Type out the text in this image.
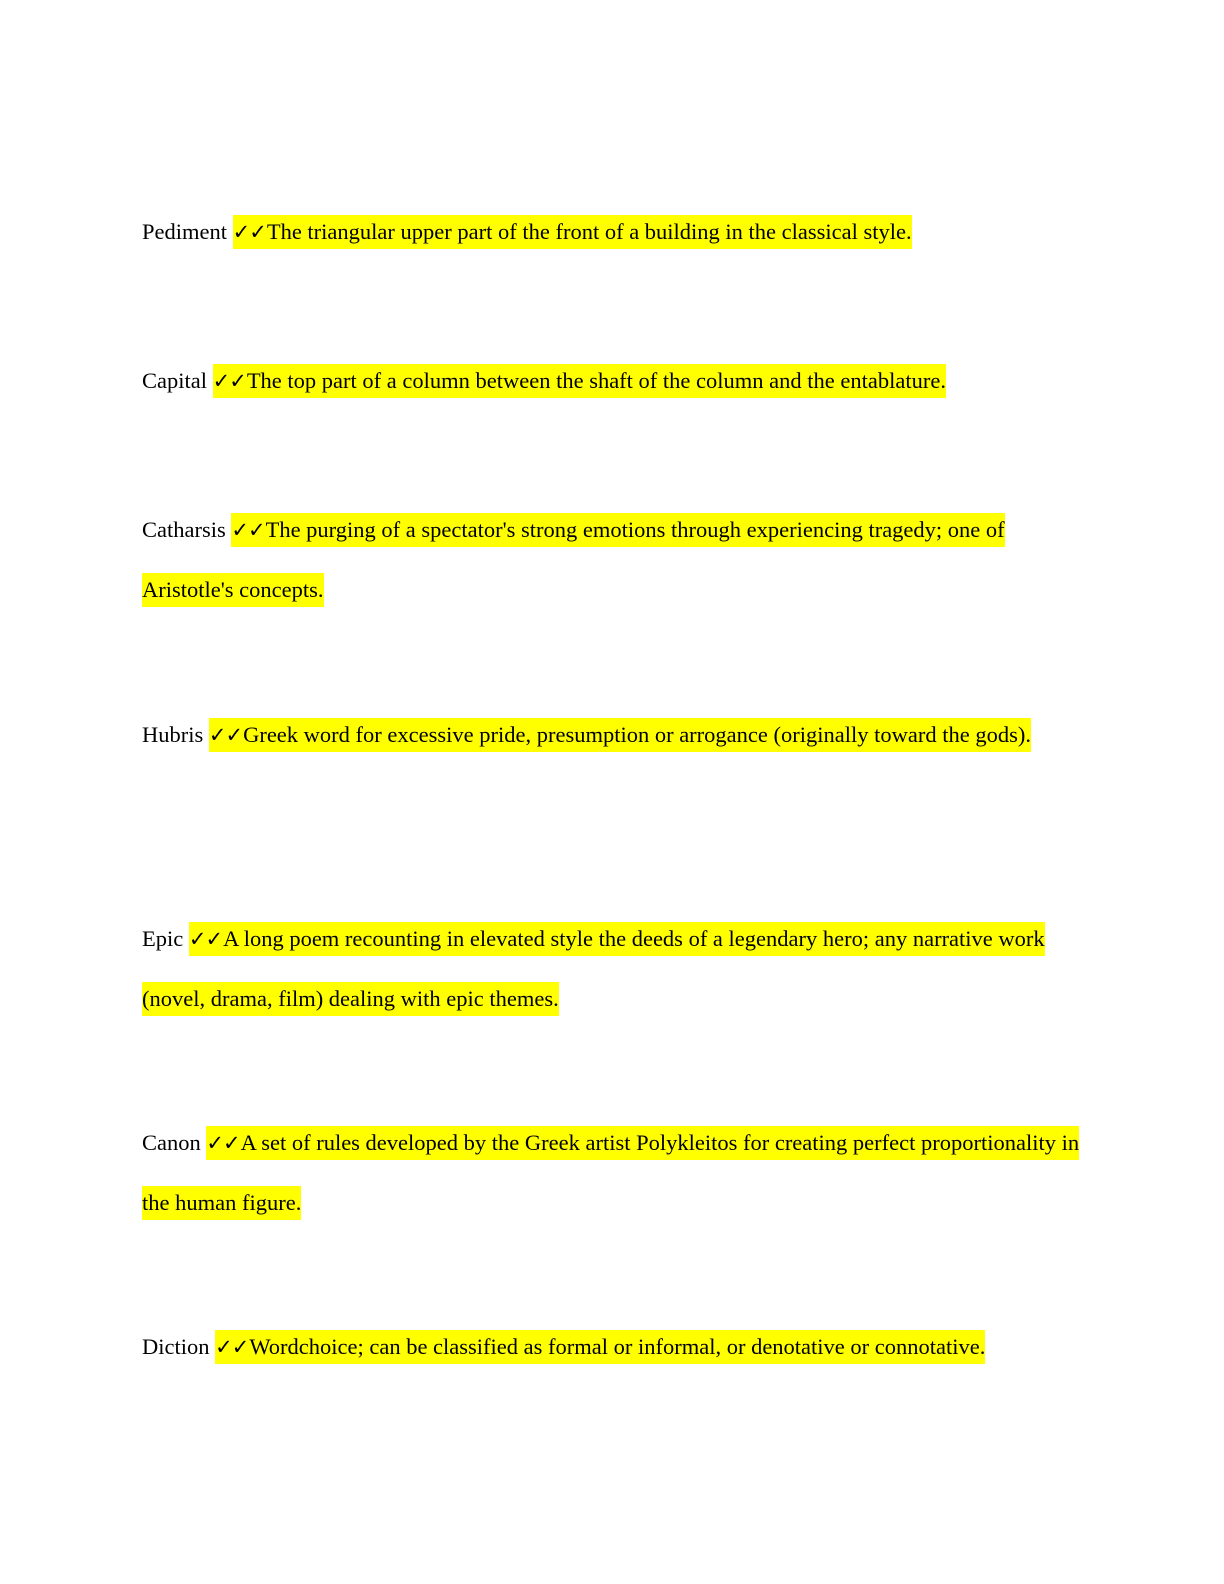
Pediment ✓✓The triangular upper part of the front of a building in the classical style.

Capital ✓✓The top part of a column between the shaft of the column and the entablature.

Catharsis ✓✓The purging of a spectator's strong emotions through experiencing tragedy; one of Aristotle's concepts.

Hubris ✓✓Greek word for excessive pride, presumption or arrogance (originally toward the gods).

Epic ✓✓A long poem recounting in elevated style the deeds of a legendary hero; any narrative work (novel, drama, film) dealing with epic themes.

Canon ✓✓A set of rules developed by the Greek artist Polykleitos for creating perfect proportionality in the human figure.

Diction ✓✓Wordchoice; can be classified as formal or informal, or denotative or connotative.
